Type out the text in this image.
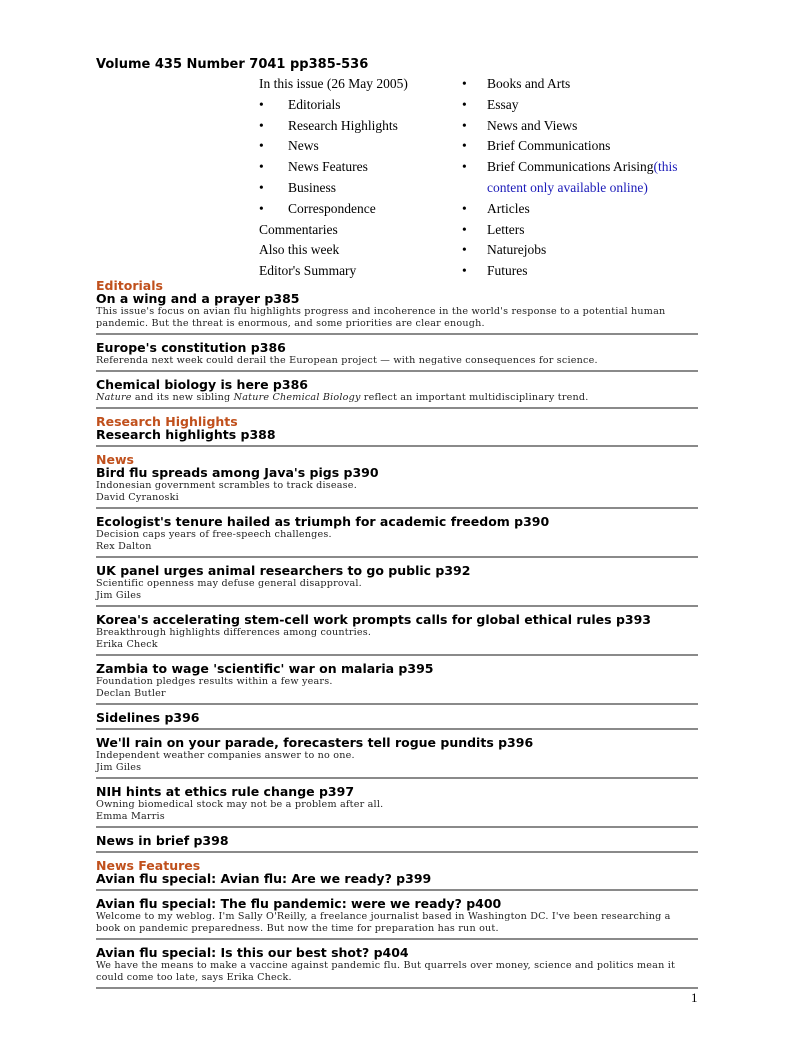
Volume 435 Number 7041 pp385-536
In this issue (26 May 2005)
• Editorials
• Research Highlights
• News
• News Features
• Business
• Correspondence
Commentaries
Also this week
Editor's Summary
• Books and Arts
• Essay
• News and Views
• Brief Communications
• Brief Communications Arising(this content only available online)
• Articles
• Letters
• Naturejobs
• Futures
Editorials
On a wing and a prayer p385
This issue's focus on avian flu highlights progress and incoherence in the world's response to a potential human pandemic. But the threat is enormous, and some priorities are clear enough.
Europe's constitution p386
Referenda next week could derail the European project — with negative consequences for science.
Chemical biology is here p386
Nature and its new sibling Nature Chemical Biology reflect an important multidisciplinary trend.
Research Highlights
Research highlights p388
News
Bird flu spreads among Java's pigs p390
Indonesian government scrambles to track disease.
David Cyranoski
Ecologist's tenure hailed as triumph for academic freedom p390
Decision caps years of free-speech challenges.
Rex Dalton
UK panel urges animal researchers to go public p392
Scientific openness may defuse general disapproval.
Jim Giles
Korea's accelerating stem-cell work prompts calls for global ethical rules p393
Breakthrough highlights differences among countries.
Erika Check
Zambia to wage 'scientific' war on malaria p395
Foundation pledges results within a few years.
Declan Butler
Sidelines p396
We'll rain on your parade, forecasters tell rogue pundits p396
Independent weather companies answer to no one.
Jim Giles
NIH hints at ethics rule change p397
Owning biomedical stock may not be a problem after all.
Emma Marris
News in brief p398
News Features
Avian flu special: Avian flu: Are we ready? p399
Avian flu special: The flu pandemic: were we ready? p400
Welcome to my weblog. I'm Sally O'Reilly, a freelance journalist based in Washington DC. I've been researching a book on pandemic preparedness. But now the time for preparation has run out.
Avian flu special: Is this our best shot? p404
We have the means to make a vaccine against pandemic flu. But quarrels over money, science and politics mean it could come too late, says Erika Check.
1
